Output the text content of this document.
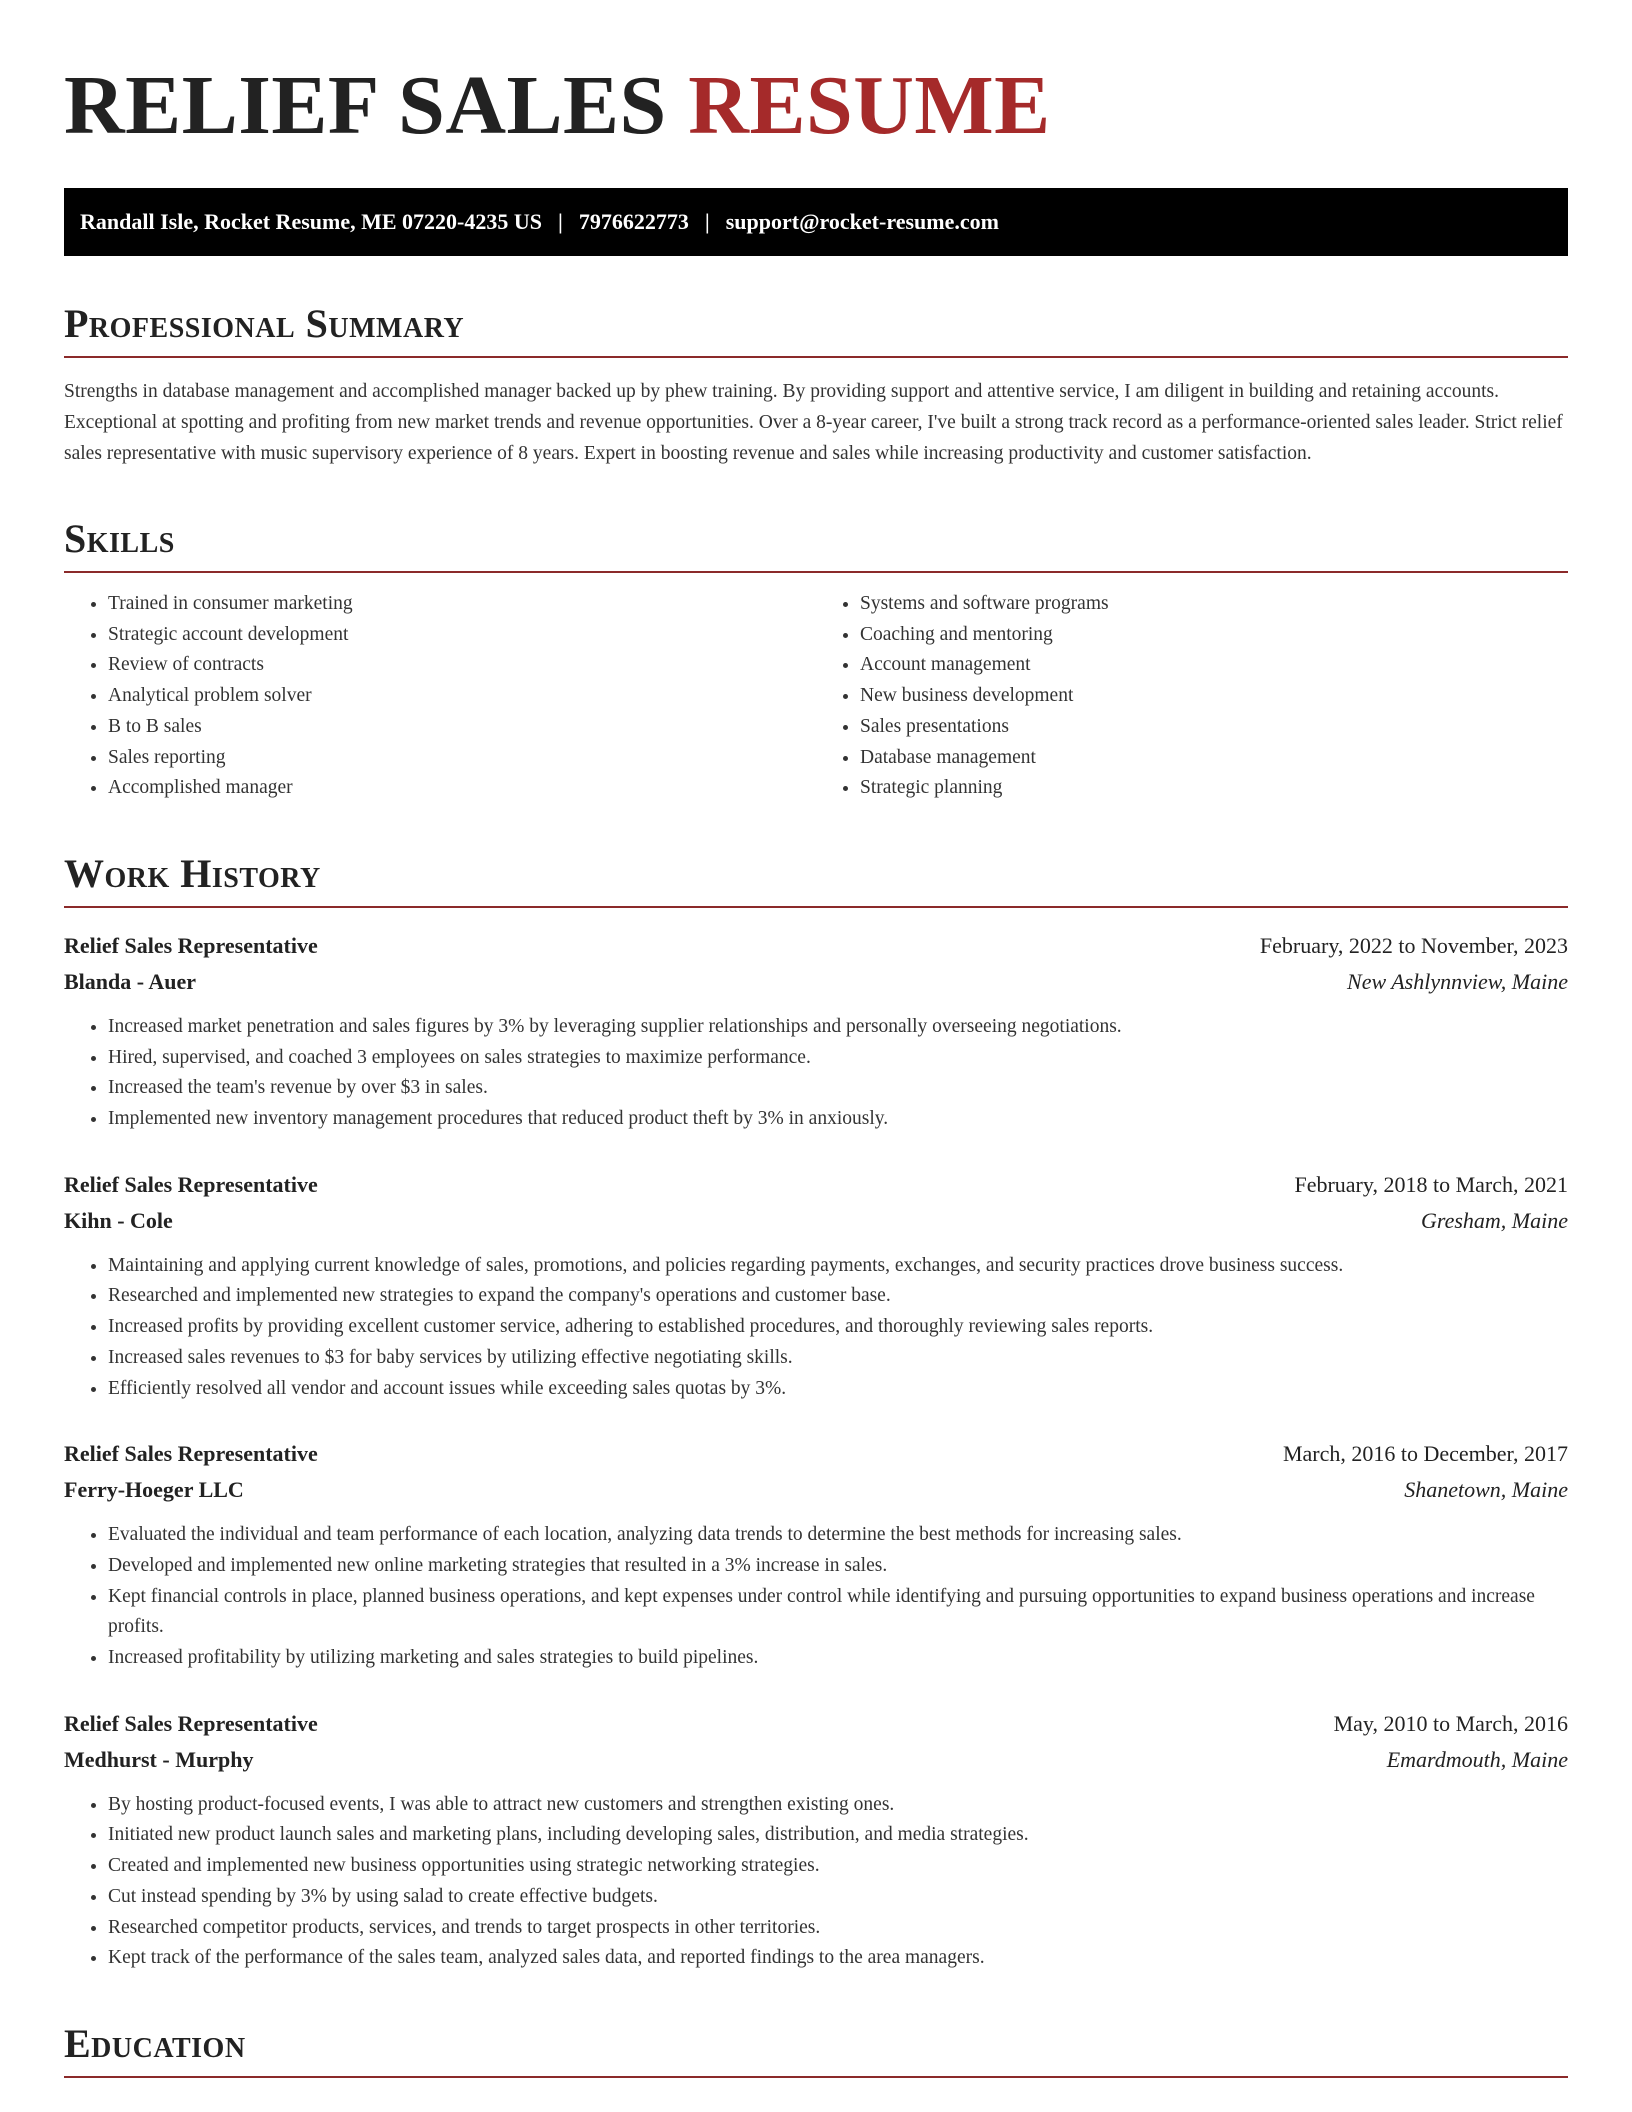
RELIEF SALES RESUME
Randall Isle, Rocket Resume, ME 07220-4235 US | 7976622773 | support@rocket-resume.com
Professional Summary

Strengths in database management and accomplished manager backed up by phew training. By providing support and attentive service, I am diligent in building and retaining accounts. Exceptional at spotting and profiting from new market trends and revenue opportunities. Over a 8-year career, I've built a strong track record as a performance-oriented sales leader. Strict relief sales representative with music supervisory experience of 8 years. Expert in boosting revenue and sales while increasing productivity and customer satisfaction.

Skills
• Trained in consumer marketing
• Strategic account development
• Review of contracts
• Analytical problem solver
• B to B sales
• Sales reporting
• Accomplished manager
• Systems and software programs
• Coaching and mentoring
• Account management
• New business development
• Sales presentations
• Database management
• Strategic planning
Work History
Relief Sales Representative	February, 2022 to November, 2023
Blanda - Auer	New Ashlynnview, Maine
• Increased market penetration and sales figures by 3% by leveraging supplier relationships and personally overseeing negotiations.
• Hired, supervised, and coached 3 employees on sales strategies to maximize performance.
• Increased the team's revenue by over $3 in sales.
• Implemented new inventory management procedures that reduced product theft by 3% in anxiously.
Relief Sales Representative	February, 2018 to March, 2021
Kihn - Cole	Gresham, Maine
• Maintaining and applying current knowledge of sales, promotions, and policies regarding payments, exchanges, and security practices drove business success.
• Researched and implemented new strategies to expand the company's operations and customer base.
• Increased profits by providing excellent customer service, adhering to established procedures, and thoroughly reviewing sales reports.
• Increased sales revenues to $3 for baby services by utilizing effective negotiating skills.
• Efficiently resolved all vendor and account issues while exceeding sales quotas by 3%.
Relief Sales Representative	March, 2016 to December, 2017
Ferry-Hoeger LLC	Shanetown, Maine
• Evaluated the individual and team performance of each location, analyzing data trends to determine the best methods for increasing sales.
• Developed and implemented new online marketing strategies that resulted in a 3% increase in sales.
• Kept financial controls in place, planned business operations, and kept expenses under control while identifying and pursuing opportunities to expand business operations and increase profits.
• Increased profitability by utilizing marketing and sales strategies to build pipelines.
Relief Sales Representative	May, 2010 to March, 2016
Medhurst - Murphy	Emardmouth, Maine
• By hosting product-focused events, I was able to attract new customers and strengthen existing ones.
• Initiated new product launch sales and marketing plans, including developing sales, distribution, and media strategies.
• Created and implemented new business opportunities using strategic networking strategies.
• Cut instead spending by 3% by using salad to create effective budgets.
• Researched competitor products, services, and trends to target prospects in other territories.
• Kept track of the performance of the sales team, analyzed sales data, and reported findings to the area managers.
Education
